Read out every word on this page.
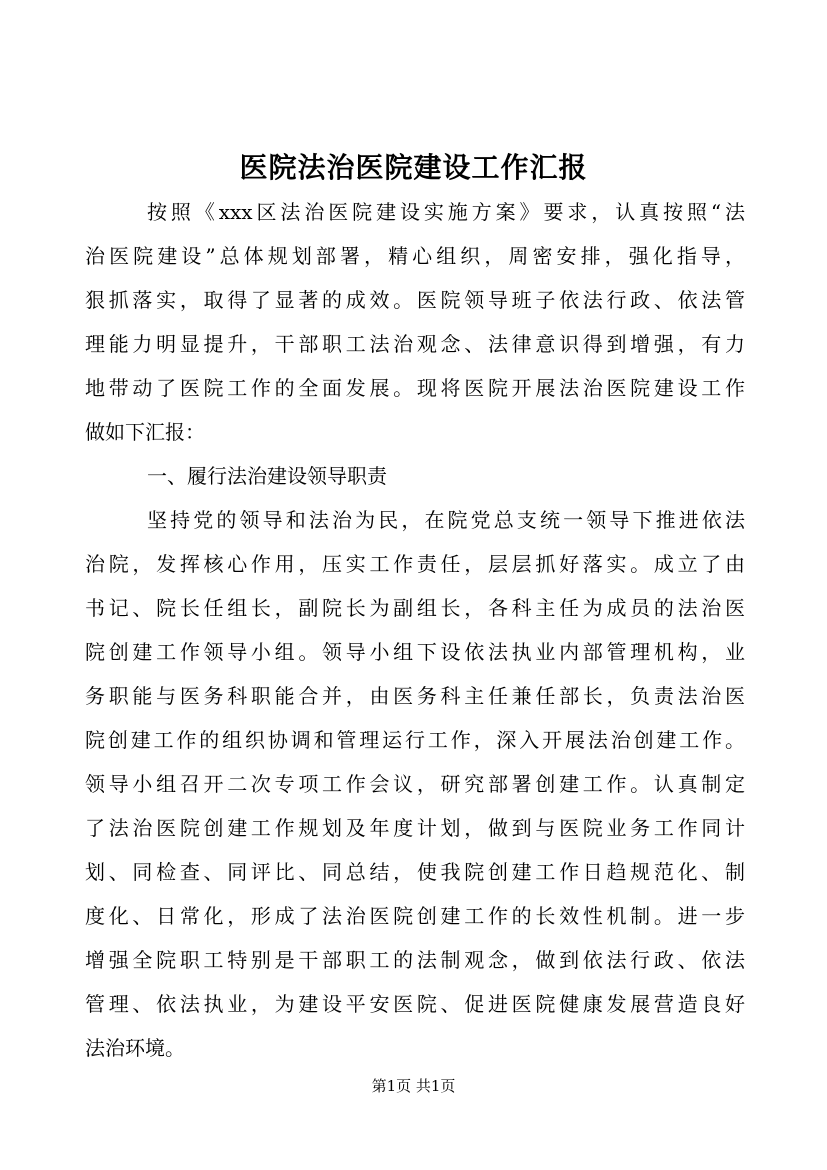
医院法治医院建设工作汇报
按照《xxx区法治医院建设实施方案》要求，认真按照“法
治医院建设”总体规划部署，精心组织，周密安排，强化指导，
狠抓落实，取得了显著的成效。医院领导班子依法行政、依法管
理能力明显提升，干部职工法治观念、法律意识得到增强，有力
地带动了医院工作的全面发展。现将医院开展法治医院建设工作
做如下汇报：
一、履行法治建设领导职责
坚持党的领导和法治为民，在院党总支统一领导下推进依法
治院，发挥核心作用，压实工作责任，层层抓好落实。成立了由
书记、院长任组长，副院长为副组长，各科主任为成员的法治医
院创建工作领导小组。领导小组下设依法执业内部管理机构，业
务职能与医务科职能合并，由医务科主任兼任部长，负责法治医
院创建工作的组织协调和管理运行工作，深入开展法治创建工作。
领导小组召开二次专项工作会议，研究部署创建工作。认真制定
了法治医院创建工作规划及年度计划，做到与医院业务工作同计
划、同检查、同评比、同总结，使我院创建工作日趋规范化、制
度化、日常化，形成了法治医院创建工作的长效性机制。进一步
增强全院职工特别是干部职工的法制观念，做到依法行政、依法
管理、依法执业，为建设平安医院、促进医院健康发展营造良好
法治环境。
第1页 共1页
